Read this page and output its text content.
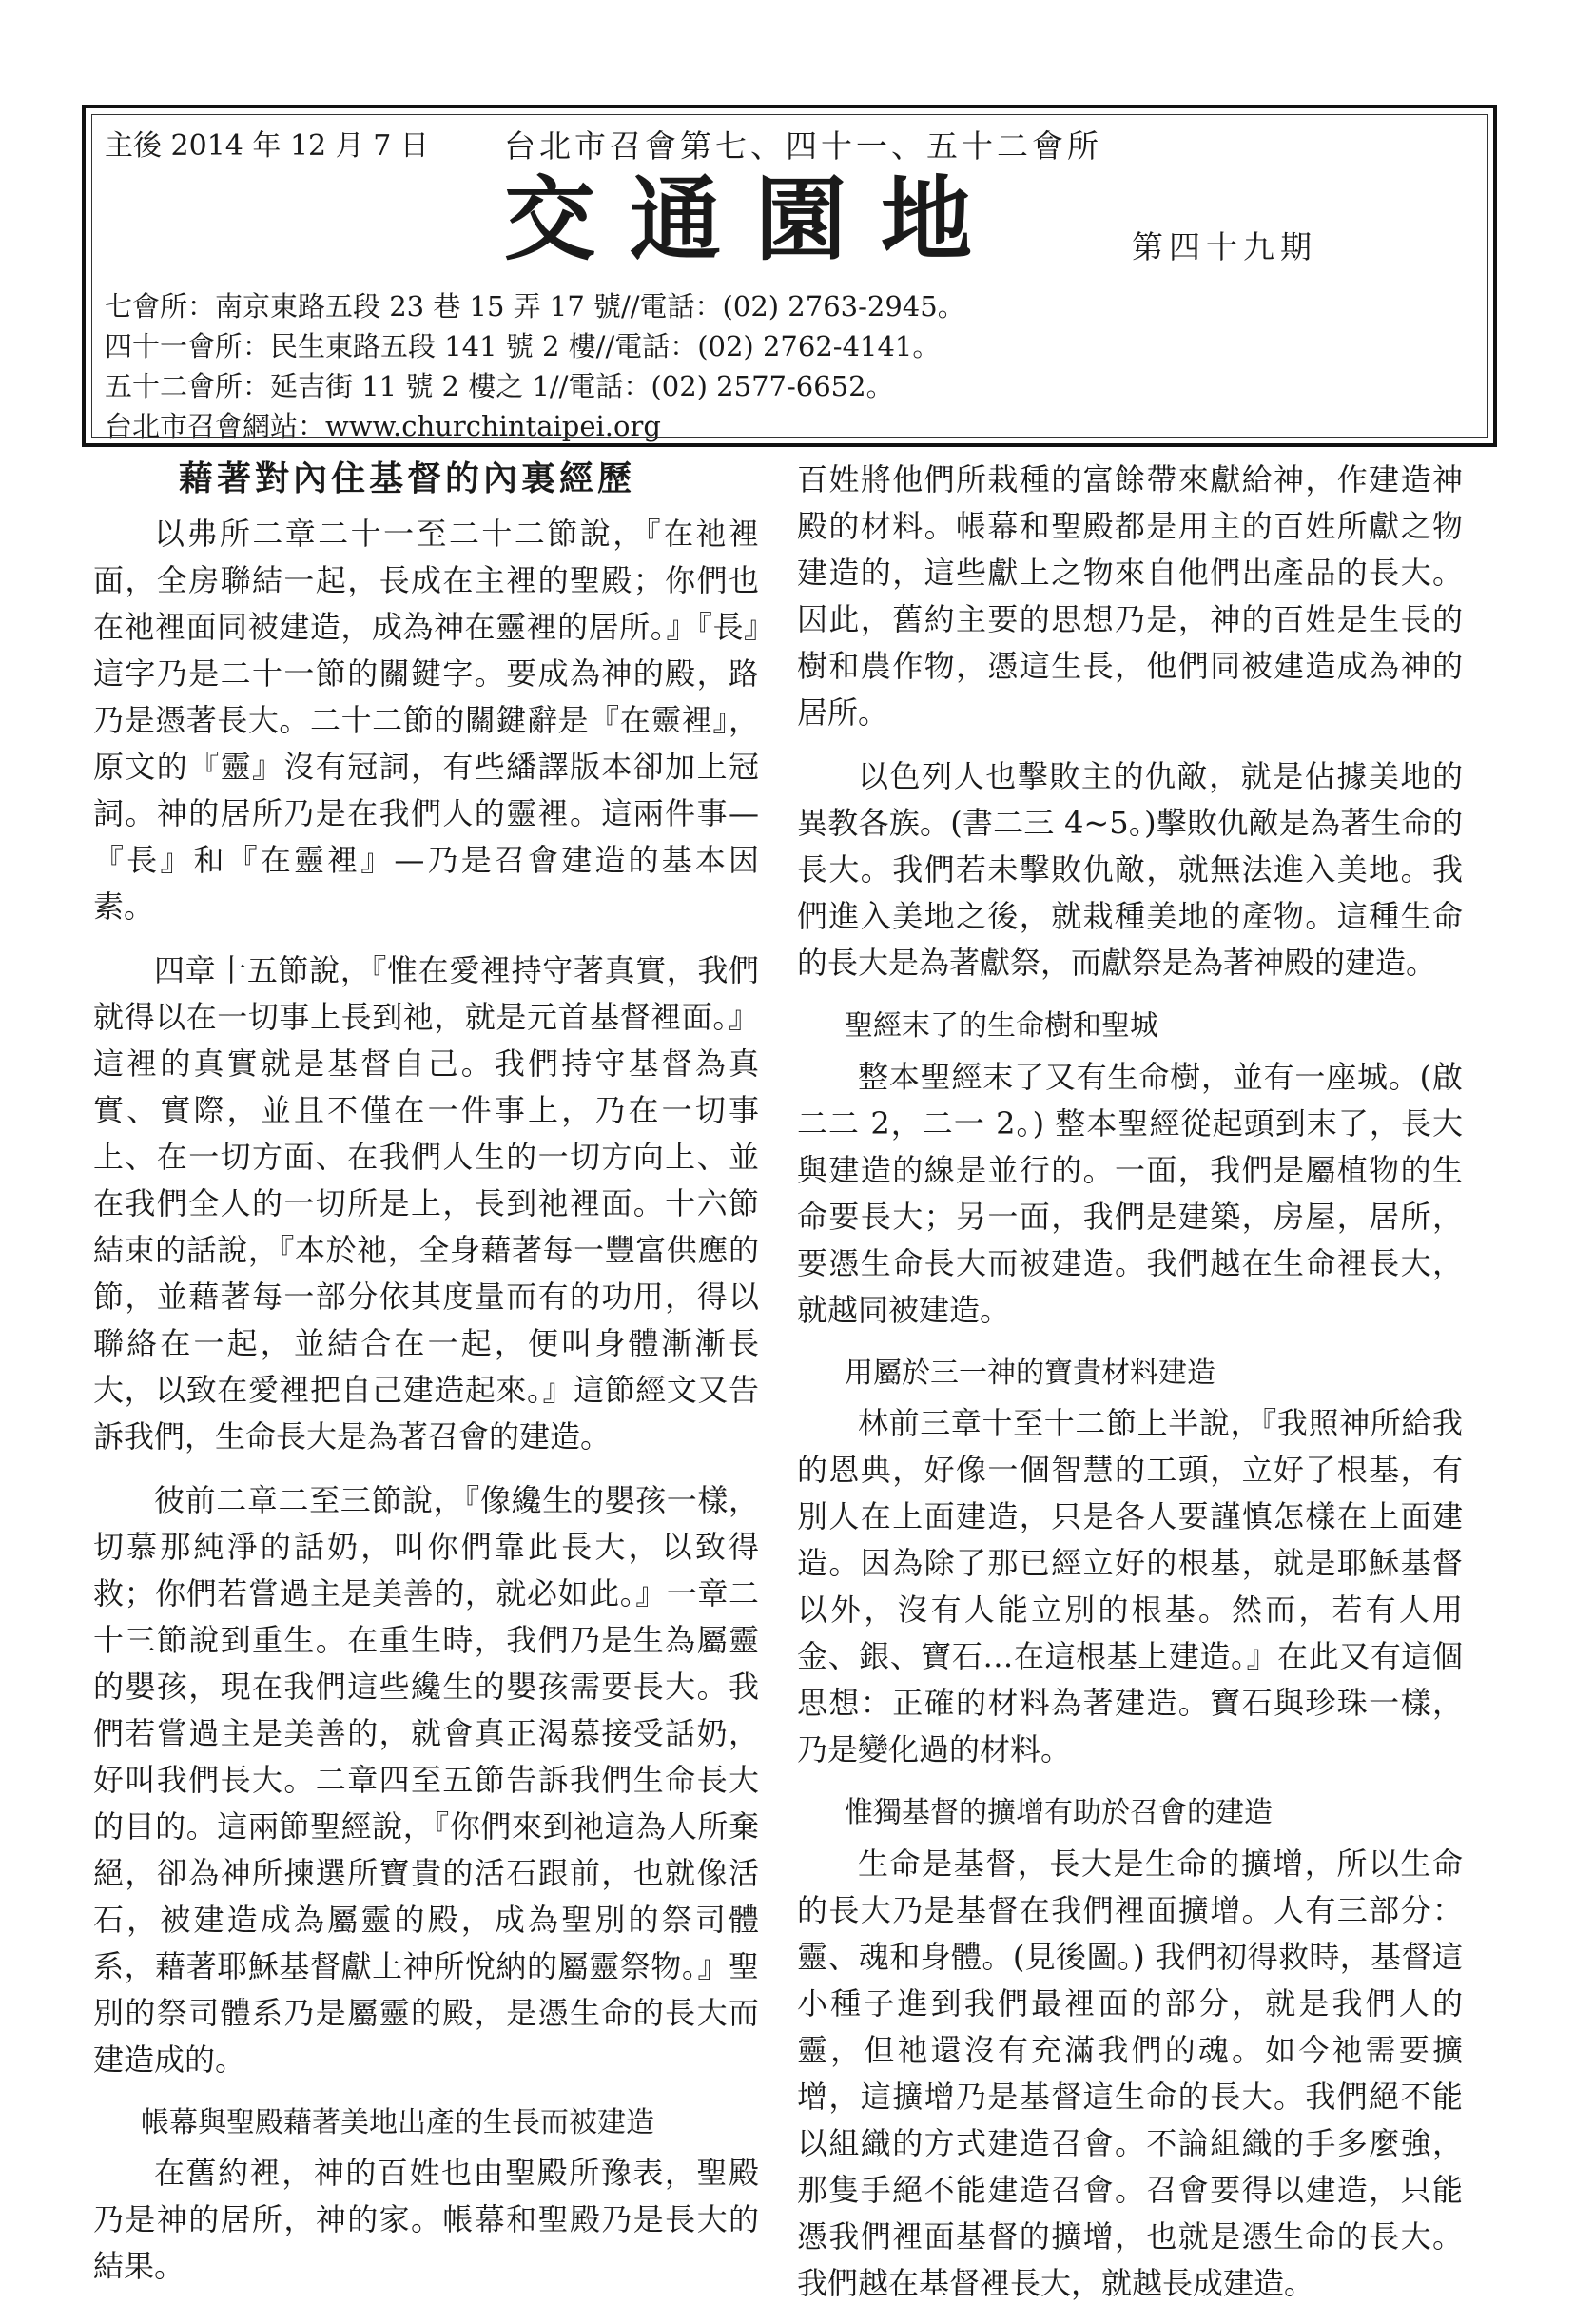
主後 2014 年 12 月 7 日 台北市召會第七、四十一、五十二會所
交通園地	第四十九期
七會所：南京東路五段 23 巷 15 弄 17 號//電話：(02) 2763-2945。
四十一會所：民生東路五段 141 號 2 樓//電話：(02) 2762-4141。
五十二會所：延吉街 11 號 2 樓之 1//電話：(02) 2577-6652。
台北市召會網站：www.churchintaipei.org
藉著對內住基督的內裏經歷

以弗所二章二十一至二十二節說，『在祂裡面，全房聯結一起，長成在主裡的聖殿；你們也在祂裡面同被建造，成為神在靈裡的居所。』『長』這字乃是二十一節的關鍵字。要成為神的殿，路乃是憑著長大。二十二節的關鍵辭是『在靈裡』，原文的『靈』沒有冠詞，有些繙譯版本卻加上冠詞。神的居所乃是在我們人的靈裡。這兩件事—『長』和『在靈裡』—乃是召會建造的基本因素。

四章十五節說，『惟在愛裡持守著真實，我們就得以在一切事上長到祂，就是元首基督裡面。』這裡的真實就是基督自己。我們持守基督為真實、實際，並且不僅在一件事上，乃在一切事上、在一切方面、在我們人生的一切方向上、並在我們全人的一切所是上，長到祂裡面。十六節結束的話說，『本於祂，全身藉著每一豐富供應的節，並藉著每一部分依其度量而有的功用，得以聯絡在一起，並結合在一起，便叫身體漸漸長大，以致在愛裡把自己建造起來。』這節經文又告訴我們，生命長大是為著召會的建造。

彼前二章二至三節說，『像纔生的嬰孩一樣，切慕那純淨的話奶，叫你們靠此長大，以致得救；你們若嘗過主是美善的，就必如此。』一章二十三節說到重生。在重生時，我們乃是生為屬靈的嬰孩，現在我們這些纔生的嬰孩需要長大。我們若嘗過主是美善的，就會真正渴慕接受話奶，好叫我們長大。二章四至五節告訴我們生命長大的目的。這兩節聖經說，『你們來到祂這為人所棄絕，卻為神所揀選所寶貴的活石跟前，也就像活石，被建造成為屬靈的殿，成為聖別的祭司體系，藉著耶穌基督獻上神所悅納的屬靈祭物。』聖別的祭司體系乃是屬靈的殿，是憑生命的長大而建造成的。

帳幕與聖殿藉著美地出產的生長而被建造

在舊約裡，神的百姓也由聖殿所豫表，聖殿乃是神的居所，神的家。帳幕和聖殿乃是長大的結果。

百姓將他們所栽種的富餘帶來獻給神，作建造神殿的材料。帳幕和聖殿都是用主的百姓所獻之物建造的，這些獻上之物來自他們出產品的長大。因此，舊約主要的思想乃是，神的百姓是生長的樹和農作物，憑這生長，他們同被建造成為神的居所。

以色列人也擊敗主的仇敵，就是佔據美地的異教各族。(書二三 4~5。)擊敗仇敵是為著生命的長大。我們若未擊敗仇敵，就無法進入美地。我們進入美地之後，就栽種美地的產物。這種生命的長大是為著獻祭，而獻祭是為著神殿的建造。

聖經末了的生命樹和聖城

整本聖經末了又有生命樹，並有一座城。(啟二二 2，二一 2。) 整本聖經從起頭到末了，長大與建造的線是並行的。一面，我們是屬植物的生命要長大；另一面，我們是建築，房屋，居所，要憑生命長大而被建造。我們越在生命裡長大，就越同被建造。

用屬於三一神的寶貴材料建造

林前三章十至十二節上半說，『我照神所給我的恩典，好像一個智慧的工頭，立好了根基，有別人在上面建造，只是各人要謹慎怎樣在上面建造。因為除了那已經立好的根基，就是耶穌基督以外，沒有人能立別的根基。然而，若有人用金、銀、寶石…在這根基上建造。』在此又有這個思想：正確的材料為著建造。寶石與珍珠一樣，乃是變化過的材料。

惟獨基督的擴增有助於召會的建造

生命是基督，長大是生命的擴增，所以生命的長大乃是基督在我們裡面擴增。人有三部分：靈、魂和身體。(見後圖。) 我們初得救時，基督這小種子進到我們最裡面的部分，就是我們人的靈，但祂還沒有充滿我們的魂。如今祂需要擴增，這擴增乃是基督這生命的長大。我們絕不能以組織的方式建造召會。不論組織的手多麼強，那隻手絕不能建造召會。召會要得以建造，只能憑我們裡面基督的擴增，也就是憑生命的長大。我們越在基督裡長大，就越長成建造。
